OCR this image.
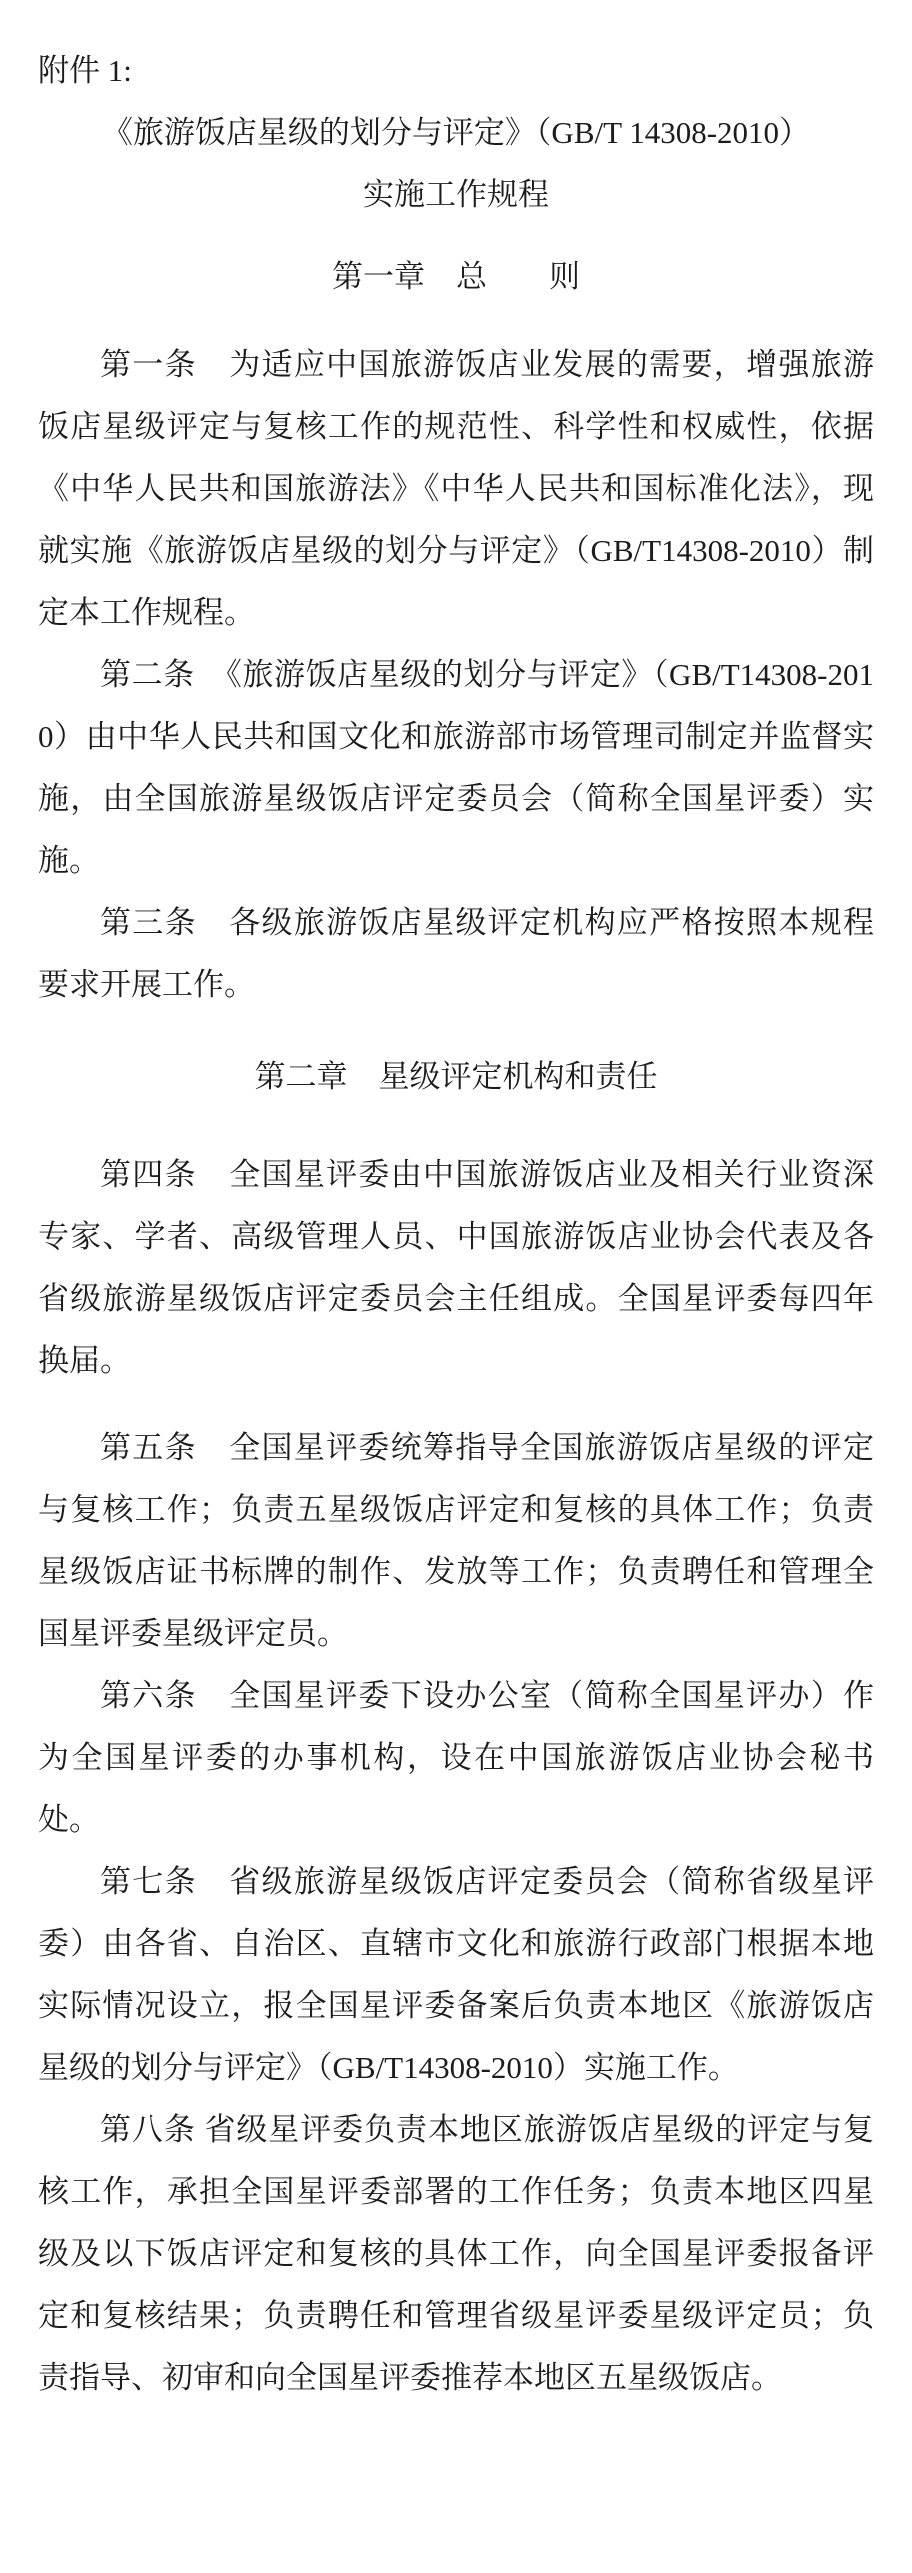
附件 1:

《旅游饭店星级的划分与评定》（GB/T 14308-2010）
实施工作规程
第一章　总　　则

第一条　为适应中国旅游饭店业发展的需要，增强旅游饭店星级评定与复核工作的规范性、科学性和权威性，依据《中华人民共和国旅游法》《中华人民共和国标准化法》，现就实施《旅游饭店星级的划分与评定》（GB/T14308-2010）制定本工作规程。

第二条　《旅游饭店星级的划分与评定》（GB/T14308-2010）由中华人民共和国文化和旅游部市场管理司制定并监督实施，由全国旅游星级饭店评定委员会（简称全国星评委）实施。

第三条　各级旅游饭店星级评定机构应严格按照本规程要求开展工作。

第二章　星级评定机构和责任

第四条　全国星评委由中国旅游饭店业及相关行业资深专家、学者、高级管理人员、中国旅游饭店业协会代表及各省级旅游星级饭店评定委员会主任组成。全国星评委每四年换届。

第五条　全国星评委统筹指导全国旅游饭店星级的评定与复核工作；负责五星级饭店评定和复核的具体工作；负责星级饭店证书标牌的制作、发放等工作；负责聘任和管理全国星评委星级评定员。

第六条　全国星评委下设办公室（简称全国星评办）作为全国星评委的办事机构，设在中国旅游饭店业协会秘书处。

第七条　省级旅游星级饭店评定委员会（简称省级星评委）由各省、自治区、直辖市文化和旅游行政部门根据本地实际情况设立，报全国星评委备案后负责本地区《旅游饭店星级的划分与评定》（GB/T14308-2010）实施工作。

第八条 省级星评委负责本地区旅游饭店星级的评定与复核工作，承担全国星评委部署的工作任务；负责本地区四星级及以下饭店评定和复核的具体工作，向全国星评委报备评定和复核结果；负责聘任和管理省级星评委星级评定员；负责指导、初审和向全国星评委推荐本地区五星级饭店。
